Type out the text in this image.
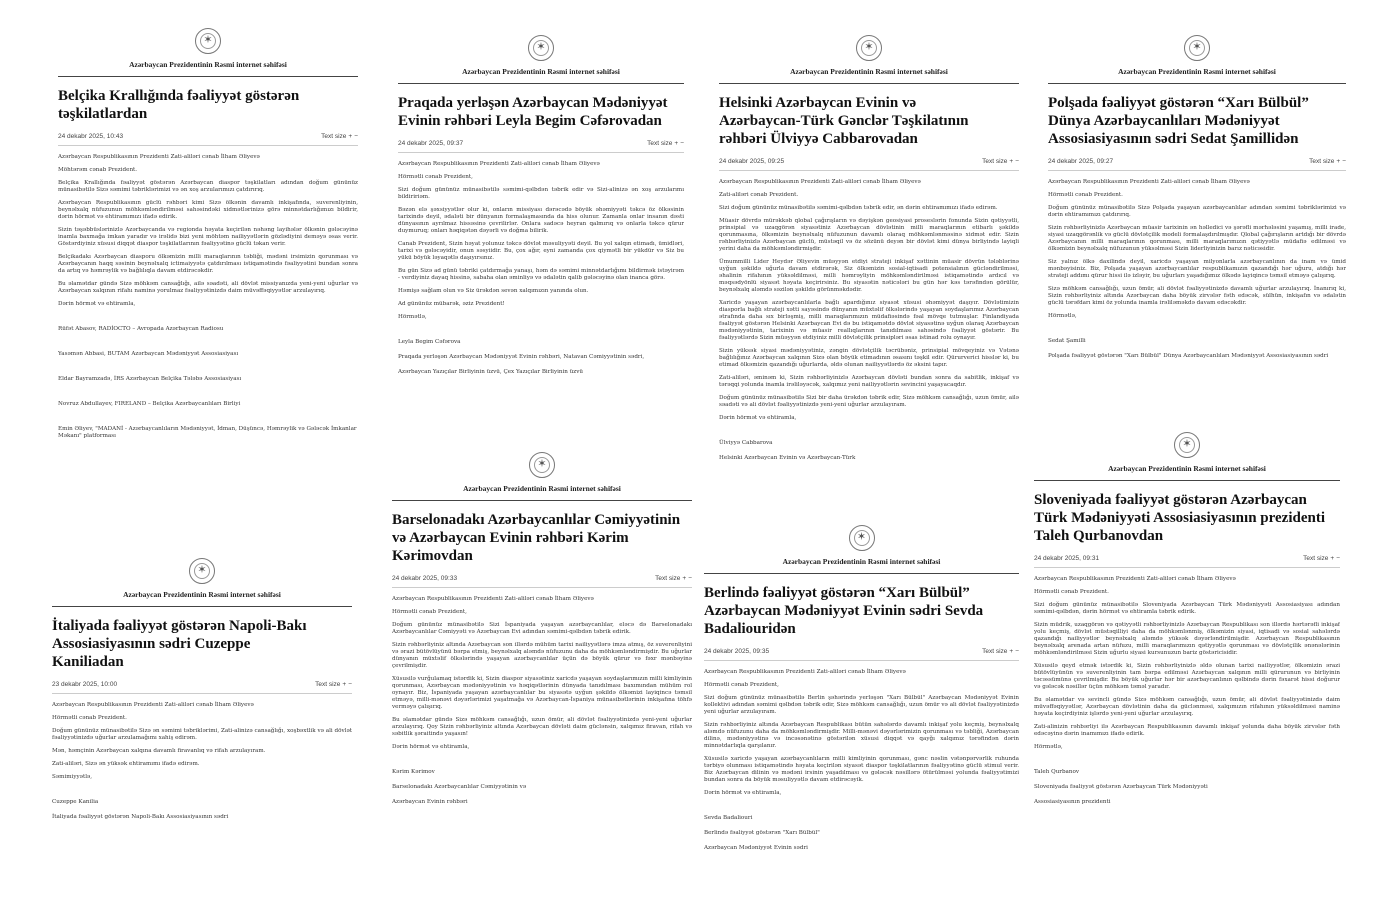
✶
Azərbaycan Prezidentinin Rəsmi internet səhifəsi
Belçika Krallığında fəaliyyət göstərən təşkilatlardan
24 dekabr 2025, 10:43	Text size + −

Azərbaycan Respublikasının Prezidenti Zati-aliləri cənab İlham Əliyevə

Möhtərəm cənab Prezident.

Belçika Krallığında fəaliyyət göstərən Azərbaycan diaspor təşkilatları adından doğum gününüz münasibətilə Sizə səmimi təbriklərimizi və ən xoş arzularımızı çatdırırıq.

Azərbaycan Respublikasının güclü rəhbəri kimi Sizə ölkənin davamlı inkişafında, suverenliyinin, beynəlxalq nüfuzunun möhkəmləndirilməsi sahəsindəki xidmətlərinizə görə minnətdarlığımızı bildirir, dərin hörmət və ehtiramımızı ifadə edirik.

Sizin təşəbbüslərinizlə Azərbaycanda və regionda həyata keçirilən nəhəng layihələr ölkənin gələcəyinə inamla baxmağa imkan yaradır və irəlidə bizi yeni möhtəm nailiyyətlərin gözlədiyini deməyə əsas verir. Göstərdiyiniz xüsusi diqqət diaspor təşkilatlarının fəaliyyətinə güclü təkan verir.

Belçikadakı Azərbaycan diasporu ölkəmizin milli maraqlarının təbliği, mədəni irsimizin qorunması və Azərbaycanın haqq səsinin beynəlxalq ictimaiyyətə çatdırılması istiqamətində fəaliyyətini bundan sonra da artıq və həmrəylik və bağlılıqla davam etdirəcəkdir.

Bu əlamətdar gündə Sizə möhkəm cansağlığı, ailə səadəti, ali dövlət missiyanızda yeni-yeni uğurlar və Azərbaycan xalqının rifahı naminə yorulmaz fəaliyyətinizdə daim müvəffəqiyyətlər arzulayırıq.

Dərin hörmət və ehtiramla,

Rüfət Abasov, RADİOCTO – Avropada Azərbaycan Radiosu

Yasəmən Abbasi, BUTAM Azərbaycan Mədəniyyət Assosiasiyası

Eldar Bayramzadə, İRS Azərbaycan Belçika Tələbə Assosiasiyası

Novruz Abdullayev, FIRELAND – Belçika Azərbaycanlıları Birliyi

Emin Əliyev, "MADANİ - Azərbaycanlıların Mədəniyyət, İdman, Düşüncə, Həmrəylik və Gələcək İmkanlar Məkanı" platforması

✶
Azərbaycan Prezidentinin Rəsmi internet səhifəsi
Praqada yerləşən Azərbaycan Mədəniyyət Evinin rəhbəri Leyla Begim Cəfərovadan
24 dekabr 2025, 09:37	Text size + −

Azərbaycan Respublikasının Prezidenti Zati-aliləri cənab İlham Əliyevə

Hörmətli cənab Prezident,

Sizi doğum gününüz münasibətilə səmimi-qəlbdən təbrik edir və Sizi-alinizə ən xoş arzularımı bildiririəm.

Bəzən elə şəxsiyyətlər olur ki, onların missiyası dərəcədə böyük əhəmiyyəti təkcə öz ölkəsinin tarixində deyil, ədaləti bir dünyanın formalaşmasında da hiss olunur. Zamanla onlar insanın dəsti dünyasının ayrılmaz hissəsinə çevrilirlər. Onlara sadəcə heyran qalmırıq və onlarla təkcə qürur duymuruq; onları həqiqətən dəyərli və doğma bilirik.

Canab Prezident, Sizin həyat yolunuz təkcə dövlət məsuliyyəti deyil. Bu yol xalqın etimadı, ümidləri, tarixi və gələcəyidir, onun səsyiidir. Bu, çox ağır, eyni zamanda çox qiymətli bir yükdür və Siz bu yükü böyük ləyaqətlə daşıyırsınız.

Bu gün Sizə ad günü təbriki çatdırmağa yanaşı, həm də səmimi minnətdarlığımı bildirmək istəyirəm - verdiyiniz dayaq hissinə, sabaha olan əminliyə və ədalətin qalib gələcəyinə olan inanca görə.

Həmişə sağlam olun və Siz ürəkdən sevən xalqımızın yanında olun.

Ad gününüz mübarək, əziz Prezident!

Hörmətlə,

Leyla Begim Cəfərova

Praqada yerləşən Azərbaycan Mədəniyyət Evinin rəhbəri, Natavan Cəmiyyətinin sədri,

Azərbaycan Yazıçılar Birliyinin üzvü, Çex Yazıçılar Birliyinin üzvü

✶
Azərbaycan Prezidentinin Rəsmi internet səhifəsi
Helsinki Azərbaycan Evinin və Azərbaycan-Türk Gənclər Təşkilatının rəhbəri Ülviyyə Cabbarovadan
24 dekabr 2025, 09:25	Text size + −

Azərbaycan Respublikasının Prezidenti Zati-aliləri cənab İlham Əliyevə

Zati-aliləri cənab Prezident.

Sizi doğum gününüz münasibətilə səmimi-qəlbdən təbrik edir, ən dərin ehtiramımızı ifadə edirəm.

Müasir dövrdə mürəkkəb qlobal çağırışların və dəyişkən geosiyasi proseslərin fonunda Sizin qətiyyətli, prinsipial və uzaqgörən siyasətiniz Azərbaycan dövlətinin milli maraqlarının etibarlı şəkildə qorunmasına, ölkəmizin beynəlxalq nüfuzunun davamlı olaraq möhkəmlənməsinə xidmət edir. Sizin rəhbərliyinizlə Azərbaycan güclü, müstəqil və öz sözünü deyən bir dövlət kimi dünya birliyində layiqli yerini daha da möhkəmləndirmişdir.

Ümummilli Lider Heydər Əliyevin müəyyən etdiyi strateji inkişaf xəttinin müasir dövrün tələblərinə uyğun şəkildə uğurla davam etdirərək, Siz ölkəmizin sosial-iqtisadi potensialının gücləndirilməsi, əhalinin rifahının yüksəldilməsi, milli həmrəyliyin möhkəmləndirilməsi istiqamətində ardıcıl və məqsədyönlü siyasət həyata keçirirsiniz. Bu siyasətin nəticələri bu gün hər kəs tərəfindən görülür, beynəlxalq aləmdə səzilən şəkildə görünməkdədir.

Xaricdə yaşayan azərbaycanlılarla bağlı apardığınız siyasət xüsusi əhəmiyyət daşıyır. Dövlətimizin diasporla bağlı strateji xətti sayəsində dünyanın müxtəlif ölkələrində yaşayan soydaşlarımız Azərbaycan ətrafında daha sıx birləşmiş, milli maraqlarımızın müdafiəsində fəal mövqe tutmuşlar. Finlandiyada fəaliyyət göstərən Helsinki Azərbaycan Evi də bu istiqamətdə dövlət siyasətinə uyğun olaraq Azərbaycan mədəniyyətinin, tarixinin və müasir reallıqlarının tanıdılması sahəsində fəaliyyət göstərir. Bu fəaliyyətlərdə Sizin müəyyən etdiyiniz milli dövlətçilik prinsipləri əsas istinad rolu oynayır.

Sizin yüksək siyasi mədəniyyətiniz, zəngin dövlətçilik təcrübəniz, prinsipial mövqeyiniz və Vətənə bağlılığınız Azərbaycan xalqının Sizə olan böyük etimadının əsasını təşkil edir. Qürurverici hisslər ki, bu etimad ölkəmizin qazandığı uğurlarda, əldə olunan nailiyyətlərdə öz əksini tapır.

Zati-aliləri, əminəm ki, Sizin rəhbərliyinizlə Azərbaycan dövləti bundan sonra da sabitlik, inkişaf və tərəqqi yolunda inamla irəliləyəcək, xalqımız yeni nailiyyətlərin sevincini yaşayacaqdır.

Doğum gününüz münasibətilə Sizi bir daha ürəkdən təbrik edir, Sizə möhkəm cansağlığı, uzun ömür, ailə səadəti və ali dövlət fəaliyyətinizdə yeni-yeni uğurlar arzulayıram.

Dərin hörmət və ehtiramla,

Ülviyyə Cabbarova

Helsinki Azərbaycan Evinin və Azərbaycan-Türk

✶
Azərbaycan Prezidentinin Rəsmi internet səhifəsi
Polşada fəaliyyət göstərən “Xarı Bülbül” Dünya Azərbaycanlıları Mədəniyyət Assosiasiyasının sədri Sedat Şamillidən
24 dekabr 2025, 09:27	Text size + −

Azərbaycan Respublikasının Prezidenti Zati-aliləri cənab İlham Əliyevə

Hörmətli cənab Prezident.

Doğum gününüz münasibətilə Sizə Polşada yaşayan azərbaycanlılar adından səmimi təbriklərimizi və dərin ehtiramımızı çatdırırıq.

Sizin rəhbərliyinizlə Azərbaycan müasir tarixinin ən həlledici və şərəfli mərhələsini yaşamış, milli irade, siyasi uzaqgörənlik və güclü dövlətçilik modeli formalaşdırılmışdır. Qlobal çağırışların artdığı bir dövrdə Azərbaycanın milli maraqlarının qorunması, milli maraqlarımızın qətiyyətlə müdafiə edilməsi və ölkəmizin beynəlxalq nüfuzunun yüksəlməsi Sizin liderliyinizin barız nəticəsidir.

Siz yalnız ölkə daxilində deyil, xaricdə yaşayan milyonlarla azərbaycanlının da inam və ümid mənbəyisiniz. Biz, Polşada yaşayan azərbaycanlılar respublikamızın qazandığı hər uğuru, atdığı hər strateji addımı qürur hissi ilə izləyir, bu uğurları yaşadığımız ölkədə layiqincə təmsil etməyə çalışırıq.

Sizə möhkəm cansağlığı, uzun ömür, ali dövlət fəaliyyətinizdə davamlı uğurlar arzulayırıq. İnanırıq ki, Sizin rəhbərliyiniz altında Azərbaycan daha böyük zirvələr fəth edəcək, sülhün, inkişafın və ədalətin güclü tərəfdarı kimi öz yolunda inamla irəliləməkdə davam edəcəkdir.

Hörmətlə,

Sedat Şamilli

Polşada fəaliyyət göstərən "Xarı Bülbül" Dünya Azərbaycanlıları Mədəniyyət Assosiasiyasının sədri

✶
Azərbaycan Prezidentinin Rəsmi internet səhifəsi
İtaliyada fəaliyyət göstərən Napoli-Bakı Assosiasiyasının sədri Cuzeppe Kaniliadan
23 dekabr 2025, 10:00	Text size + −

Azərbaycan Respublikasının Prezidenti Zati-aliləri cənab İlham Əliyevə

Hörmətli cənab Prezident.

Doğum gününüz münasibətilə Sizə ən səmimi təbriklərimi, Zati-alinizə cansağlığı, xoşbəxtlik və ali dövlət fəaliyyətinizdə uğurlar arzulamağımı xahiş edirəm.

Mən, həmçinin Azərbaycan xalqına davamlı firavanlıq və rifah arzulayıram.

Zati-aliləri, Sizə ən yüksək ehtiramımı ifadə edirəm.

Səmimiyyətlə,

Cuzeppe Kanilia

İtaliyada fəaliyyət göstərən Napoli-Bakı Assosiasiyasının sədri

✶
Azərbaycan Prezidentinin Rəsmi internet səhifəsi
Barselonadakı Azərbaycanlılar Cəmiyyətinin və Azərbaycan Evinin rəhbəri Kərim Kərimovdan
24 dekabr 2025, 09:33	Text size + −

Azərbaycan Respublikasının Prezidenti Zati-aliləri cənab İlham Əliyevə

Hörmətli cənab Prezident,

Doğum gününüz münasibətilə Sizi İspaniyada yaşayan azərbaycanlılar, eləcə də Barselonadakı Azərbaycanlılar Cəmiyyəti və Azərbaycan Evi adından səmimi-qəlbdən təbrik edirik.

Sizin rəhbərliyiniz altında Azərbaycan son illərdə mühüm tarixi nailiyyətlərə imza atmış, öz suverenliyini və ərazi bütövlüyünü bərpa etmiş, beynəlxalq aləmdə nüfuzunu daha da möhkəmləndirmişdir. Bu uğurlar dünyanın müxtəlif ölkələrində yaşayan azərbaycanlılar üçün də böyük qürur və fəxr mənbəyinə çevrilmişdir.

Xüsusilə vurğulamaq istərdik ki, Sizin diaspor siyasətiniz xaricdə yaşayan soydaşlarımızın milli kimliyinin qorunması, Azərbaycan mədəniyyətinin və həqiqətlərinin dünyada tanıdılması baxımından mühüm rol oynayır. Biz, İspaniyada yaşayan azərbaycanlılar bu siyasətə uyğun şəkildə ölkəmizi layiqincə təmsil etməyə, milli-mənəvi dəyərlərimizi yaşatmağa və Azərbaycan-İspaniya münasibətlərinin inkişafına töhfə verməyə çalışırıq.

Bu əlamətdar gündə Sizə möhkəm cansağlığı, uzun ömür, ali dövlət fəaliyyətinizdə yeni-yeni uğurlar arzulayırıq. Qoy Sizin rəhbərliyiniz altında Azərbaycan dövləti daim güclənsin, xalqımız firavan, rifah və səbitlik şəraitində yaşasın!

Dərin hörmət və ehtiramla,

Kərim Kərimov

Barselonadakı Azərbaycanlılar Cəmiyyətinin və

Azərbaycan Evinin rəhbəri

✶
Azərbaycan Prezidentinin Rəsmi internet səhifəsi
Berlində fəaliyyət göstərən “Xarı Bülbül” Azərbaycan Mədəniyyət Evinin sədri Sevda Badaliouridən
24 dekabr 2025, 09:35	Text size + −

Azərbaycan Respublikasının Prezidenti Zati-aliləri cənab İlham Əliyevə

Hörmətli cənab Prezident,

Sizi doğum gününüz münasibətilə Berlin şəhərində yerləşən "Xarı Bülbül" Azərbaycan Mədəniyyət Evinin kollektivi adından səmimi qəlbdən təbrik edir, Sizə möhkəm cansağlığı, uzun ömür və ali dövlət fəaliyyətinizdə yeni uğurlar arzulayıram.

Sizin rəhbərliyiniz altında Azərbaycan Respublikası bütün sahələrdə davamlı inkişaf yolu keçmiş, beynəlxalq aləmdə nüfuzunu daha da möhkəmləndirmişdir. Milli-mənəvi dəyərlərimizin qorunması və təbliği, Azərbaycan dilinə, mədəniyyətinə və incəsənətinə göstərilən xüsusi diqqət və qayğı xalqımız tərəfindən dərin minnətdarlıqla qarşılanır.

Xüsusilə xaricdə yaşayan azərbaycanlıların milli kimliyinin qorunması, gənc nəslin vətənpərvərlik ruhunda tərbiyə olunması istiqamətində həyata keçirilən siyasət diaspor təşkilatlarının fəaliyyətinə güclü stimul verir. Biz Azərbaycan dilinin və mədəni irsinin yaşadılması və gələcək nəsillərə ötürülməsi yolunda fəaliyyətimizi bundan sonra da böyük məsuliyyətlə davam etdirəcəyik.

Dərin hörmət və ehtiramla,

Sevda Badaliouri

Berlində fəaliyyət göstərən "Xarı Bülbül"

Azərbaycan Mədəniyyət Evinin sədri

✶
Azərbaycan Prezidentinin Rəsmi internet səhifəsi
Sloveniyada fəaliyyət göstərən Azərbaycan Türk Mədəniyyəti Assosiasiyasının prezidenti Taleh Qurbanovdan
24 dekabr 2025, 09:31	Text size + −

Azərbaycan Respublikasının Prezidenti Zati-aliləri cənab İlham Əliyevə

Hörmətli cənab Prezident.

Sizi doğum gününüz münasibətilə Sloveniyada Azərbaycan Türk Mədəniyyəti Assosiasiyası adından səmimi-qəlbdən, dərin hörmət və ehtiramla təbrik edirik.

Sizin müdrik, uzaqgörən və qətiyyətli rəhbərliyinizlə Azərbaycan Respublikası son illərdə hərtərəfli inkişaf yolu keçmiş, dövlət müstəqilliyi daha da möhkəmlənmiş, ölkəmizin siyasi, iqtisadi və sosial sahələrdə qazandığı nailiyyətlər beynəlxalq aləmdə yüksək dəyərləndirilmişdir. Azərbaycan Respublikasının beynəlxalq arenada artan nüfuzu, milli maraqlarımızın qətiyyətlə qorunması və dövlətçilik ənənələrinin möhkəmləndirilməsi Sizin uğurlu siyasi kursunuzun bariz göstəricisidir.

Xüsusilə qeyd etmək istərdik ki, Sizin rəhbərliyinizlə əldə olunan tarixi nailiyyətlər, ölkəmizin ərazi bütövlüyünün və suverenliyinin tam bərpa edilməsi Azərbaycan xalqının milli qürurunun və birliyinin təcəssümünə çevrilmişdir. Bu böyük uğurlar hər bir azərbaycanlının qəlbində dərin fəxarət hissi doğurur və gələcək nəsillər üçün möhkəm təməl yaradır.

Bu əlamətdar və sevincli gündə Sizə möhkəm cansağlığı, uzun ömür, ali dövlət fəaliyyətinizdə daim müvəffəqiyyətlər, Azərbaycan dövlətinin daha da güclənməsi, xalqımızın rifahının yüksəldilməsi naminə həyata keçirdiyiniz işlərdə yeni-yeni uğurlar arzulayırıq.

Zati-alinizin rəhbərliyi ilə Azərbaycan Respublikasının davamlı inkişaf yolunda daha böyük zirvələr fəth edəcəyinə dərin inamımızı ifadə edirik.

Hörmətlə,

Taleh Qurbanov

Sloveniyada fəaliyyət göstərən Azərbaycan Türk Mədəniyyəti

Assosiasiyasının prezidenti
